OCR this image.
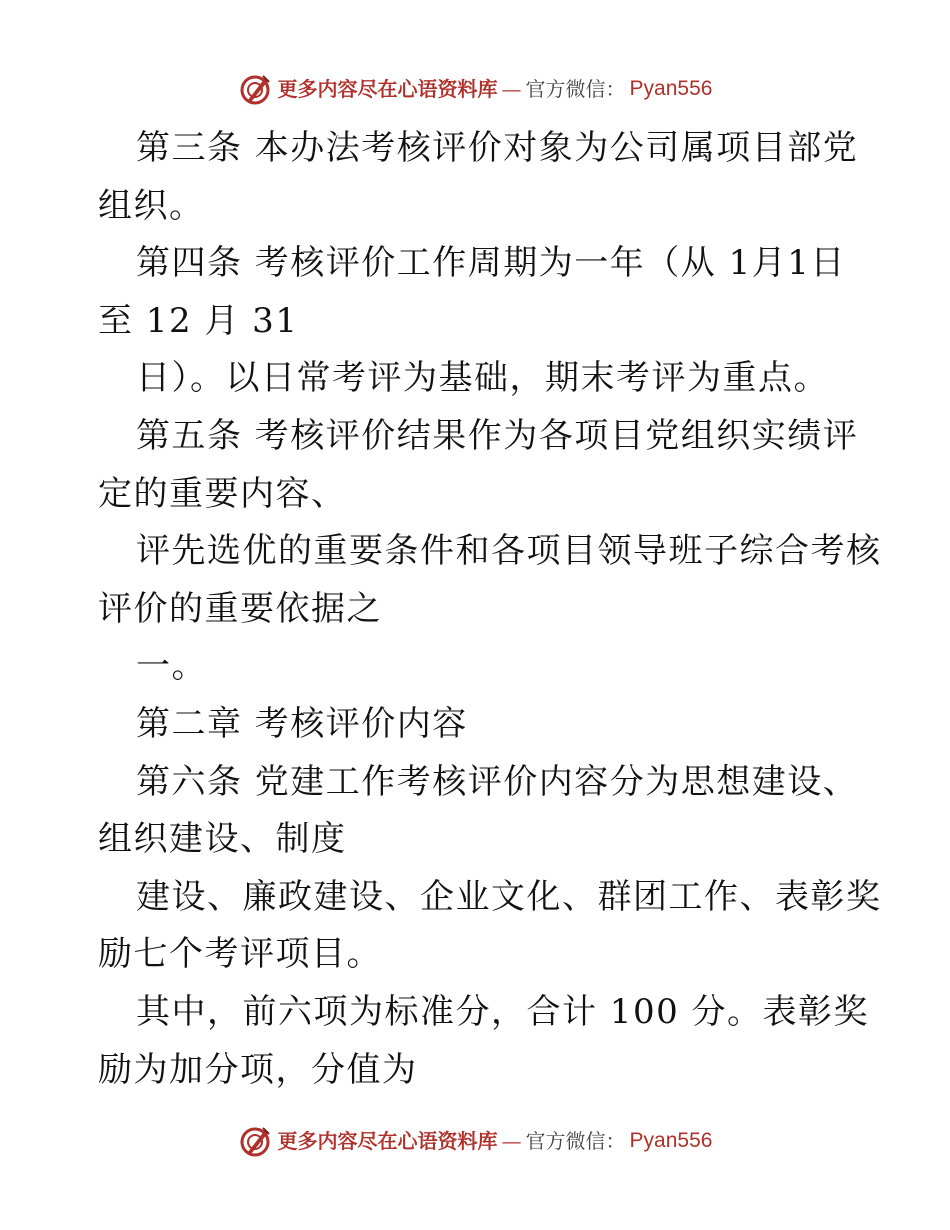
更多内容尽在心语资料库 — 官方微信： Pyan556
第三条 本办法考核评价对象为公司属项目部党
组织。
第四条 考核评价工作周期为一年（从 1月1日
至 12 月 31
日）。以日常考评为基础，期末考评为重点。
第五条 考核评价结果作为各项目党组织实绩评
定的重要内容、
评先选优的重要条件和各项目领导班子综合考核
评价的重要依据之
一。
第二章 考核评价内容
第六条 党建工作考核评价内容分为思想建设、
组织建设、制度
建设、廉政建设、企业文化、群团工作、表彰奖
励七个考评项目。
其中，前六项为标准分，合计 100 分。表彰奖
励为加分项，分值为
更多内容尽在心语资料库 — 官方微信： Pyan556
